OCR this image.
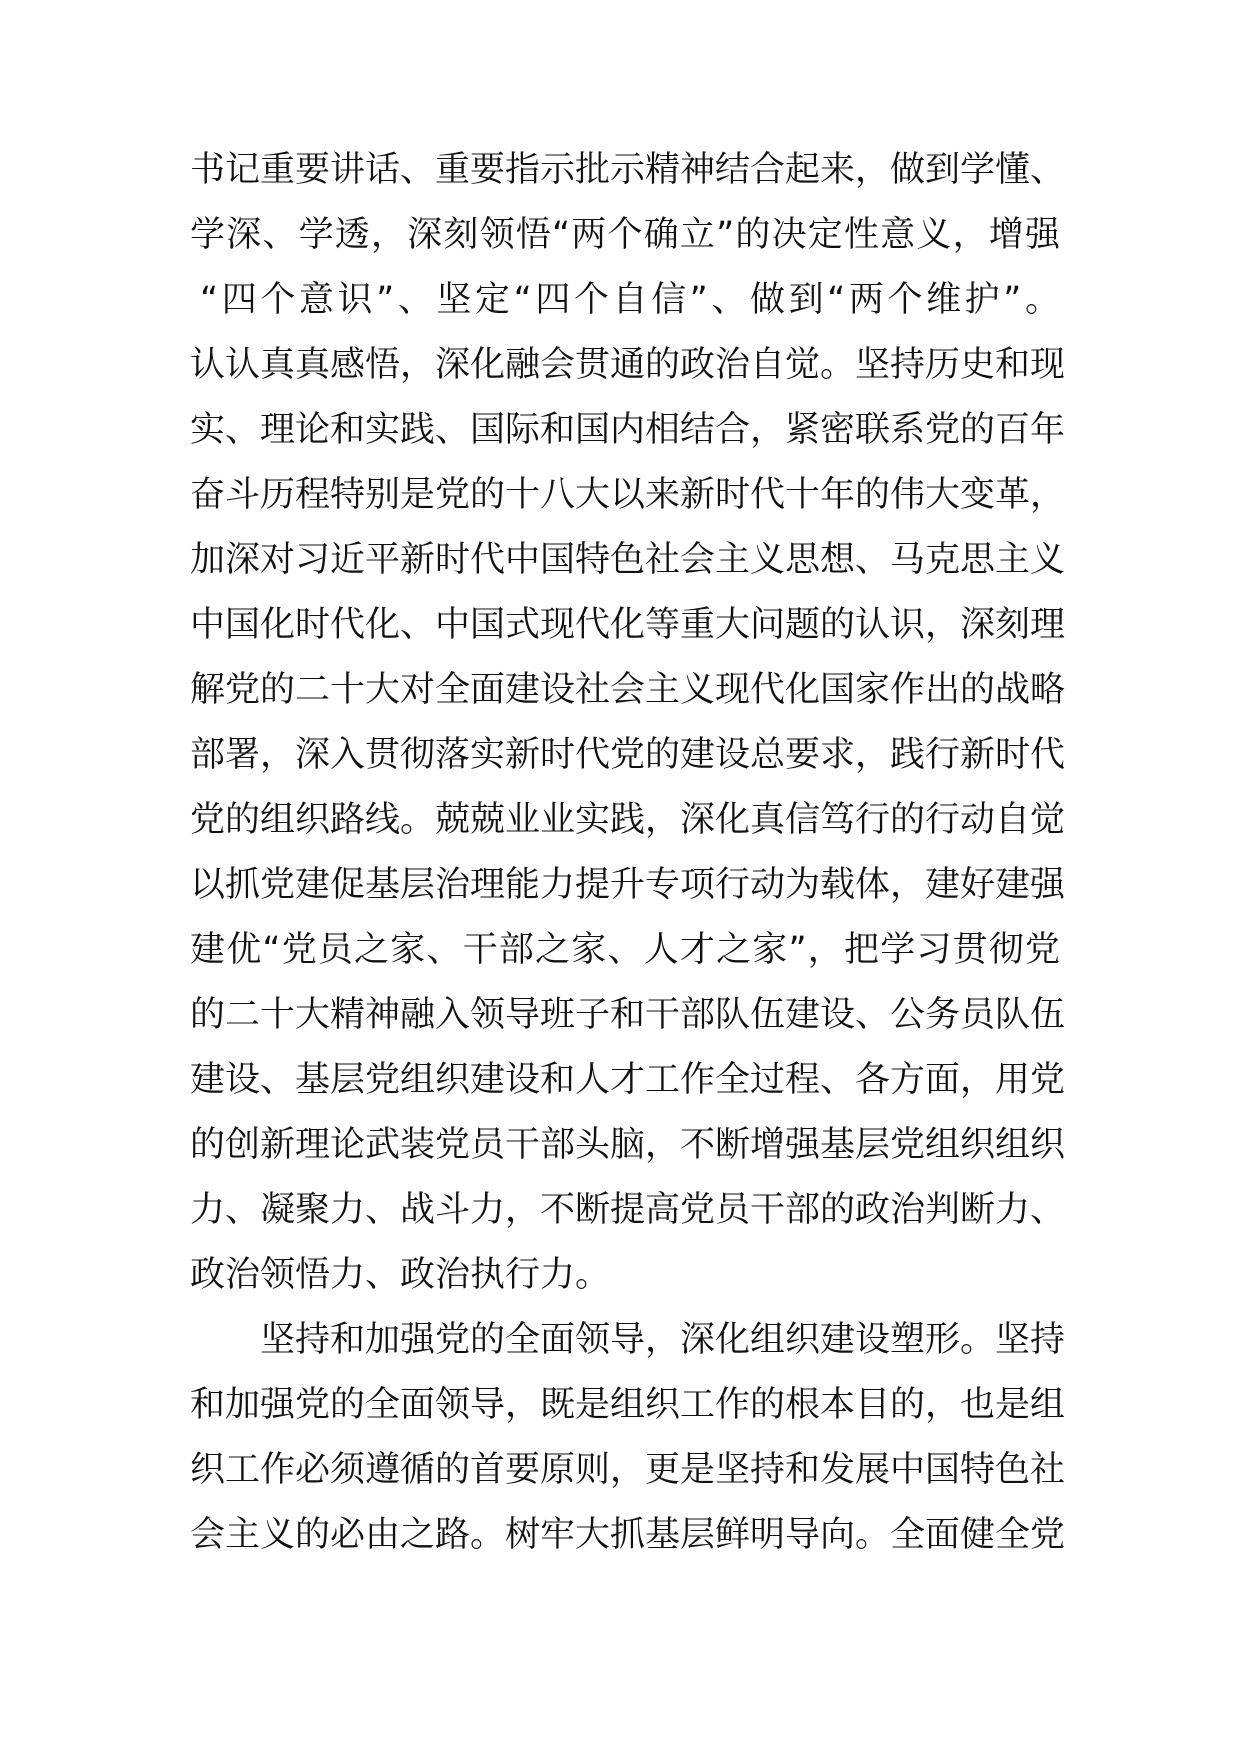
书记重要讲话、重要指示批示精神结合起来，做到学懂、
学深、学透，深刻领悟“两个确立”的决定性意义，增强
“四个意识”、坚定“四个自信”、做到“两个维护”。
认认真真感悟，深化融会贯通的政治自觉。坚持历史和现
实、理论和实践、国际和国内相结合，紧密联系党的百年
奋斗历程特别是党的十八大以来新时代十年的伟大变革，
加深对习近平新时代中国特色社会主义思想、马克思主义
中国化时代化、中国式现代化等重大问题的认识，深刻理
解党的二十大对全面建设社会主义现代化国家作出的战略
部署，深入贯彻落实新时代党的建设总要求，践行新时代
党的组织路线。兢兢业业实践，深化真信笃行的行动自觉
以抓党建促基层治理能力提升专项行动为载体，建好建强
建优“党员之家、干部之家、人才之家”，把学习贯彻党
的二十大精神融入领导班子和干部队伍建设、公务员队伍
建设、基层党组织建设和人才工作全过程、各方面，用党
的创新理论武装党员干部头脑，不断增强基层党组织组织
力、凝聚力、战斗力，不断提高党员干部的政治判断力、
政治领悟力、政治执行力。
坚持和加强党的全面领导，深化组织建设塑形。坚持
和加强党的全面领导，既是组织工作的根本目的，也是组
织工作必须遵循的首要原则，更是坚持和发展中国特色社
会主义的必由之路。树牢大抓基层鲜明导向。全面健全党
